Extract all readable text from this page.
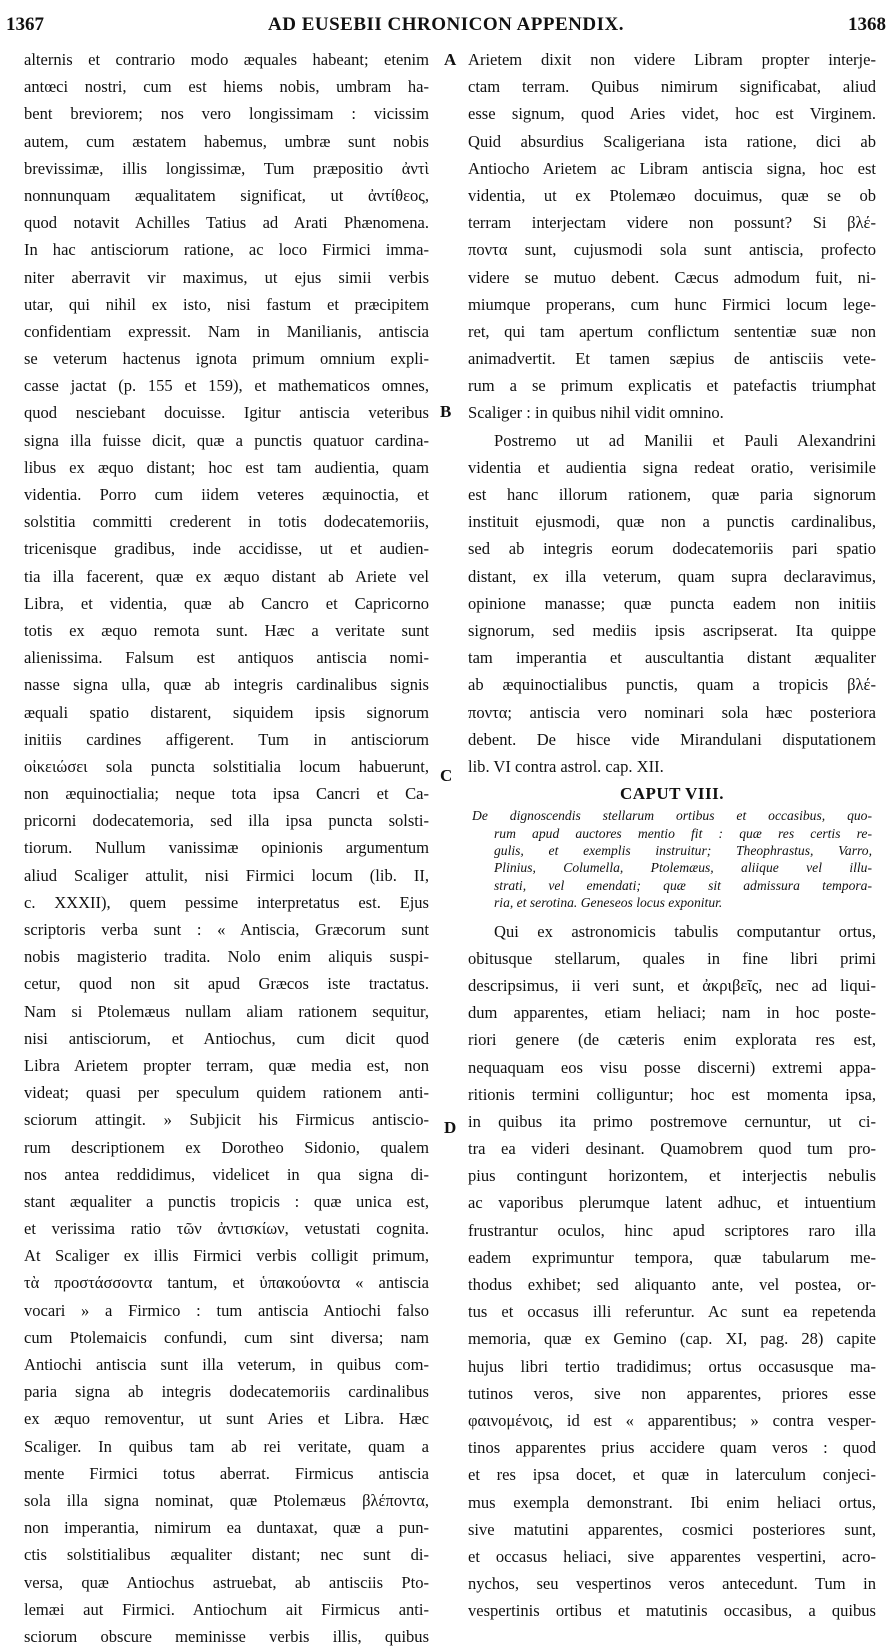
1367	AD EUSEBII CHRONICON APPENDIX.	1368
A
B
C
D
alternis et contrario modo æquales habeant; etenim
antœci nostri, cum est hiems nobis, umbram ha-
bent breviorem; nos vero longissimam : vicissim
autem, cum æstatem habemus, umbræ sunt nobis
brevissimæ, illis longissimæ, Tum præpositio ἀντὶ
nonnunquam æqualitatem significat, ut ἀντίθεος,
quod notavit Achilles Tatius ad Arati Phænomena.
In hac antisciorum ratione, ac loco Firmici imma-
niter aberravit vir maximus, ut ejus simii verbis
utar, qui nihil ex isto, nisi fastum et præcipitem
confidentiam expressit. Nam in Manilianis, antiscia
se veterum hactenus ignota primum omnium expli-
casse jactat (p. 155 et 159), et mathematicos omnes,
quod nesciebant docuisse. Igitur antiscia veteribus
signa illa fuisse dicit, quæ a punctis quatuor cardina-
libus ex æquo distant; hoc est tam audientia, quam
videntia. Porro cum iidem veteres æquinoctia, et
solstitia committi crederent in totis dodecatemoriis,
tricenisque gradibus, inde accidisse, ut et audien-
tia illa facerent, quæ ex æquo distant ab Ariete vel
Libra, et videntia, quæ ab Cancro et Capricorno
totis ex æquo remota sunt. Hæc a veritate sunt
alienissima. Falsum est antiquos antiscia nomi-
nasse signa ulla, quæ ab integris cardinalibus signis
æquali spatio distarent, siquidem ipsis signorum
initiis cardines affigerent. Tum in antisciorum
οἰκειώσει sola puncta solstitialia locum habuerunt,
non æquinoctialia; neque tota ipsa Cancri et Ca-
pricorni dodecatemoria, sed illa ipsa puncta solsti-
tiorum. Nullum vanissimæ opinionis argumentum
aliud Scaliger attulit, nisi Firmici locum (lib. II,
c. XXXII), quem pessime interpretatus est. Ejus
scriptoris verba sunt : « Antiscia, Græcorum sunt
nobis magisterio tradita. Nolo enim aliquis suspi-
cetur, quod non sit apud Græcos iste tractatus.
Nam si Ptolemæus nullam aliam rationem sequitur,
nisi antisciorum, et Antiochus, cum dicit quod
Libra Arietem propter terram, quæ media est, non
videat; quasi per speculum quidem rationem anti-
sciorum attingit. » Subjicit his Firmicus antiscio-
rum descriptionem ex Dorotheo Sidonio, qualem
nos antea reddidimus, videlicet in qua signa di-
stant æqualiter a punctis tropicis : quæ unica est,
et verissima ratio τῶν ἀντισκίων, vetustati cognita.
At Scaliger ex illis Firmici verbis colligit primum,
τὰ προστάσσοντα tantum, et ὑπακούοντα « antiscia
vocari » a Firmico : tum antiscia Antiochi falso
cum Ptolemaicis confundi, cum sint diversa; nam
Antiochi antiscia sunt illa veterum, in quibus com-
paria signa ab integris dodecatemoriis cardinalibus
ex æquo removentur, ut sunt Aries et Libra. Hæc
Scaliger. In quibus tam ab rei veritate, quam a
mente Firmici totus aberrat. Firmicus antiscia
sola illa signa nominat, quæ Ptolemæus βλέποντα,
non imperantia, nimirum ea duntaxat, quæ a pun-
ctis solstitialibus æqualiter distant; nec sunt di-
versa, quæ Antiochus astruebat, ab antisciis Pto-
lemæi aut Firmici. Antiochum ait Firmicus anti-
sciorum obscure meminisse verbis illis, quibus
Arietem dixit non videre Libram propter interje-
ctam terram. Quibus nimirum significabat, aliud
esse signum, quod Aries videt, hoc est Virginem.
Quid absurdius Scaligeriana ista ratione, dici ab
Antiocho Arietem ac Libram antiscia signa, hoc est
videntia, ut ex Ptolemæo docuimus, quæ se ob
terram interjectam videre non possunt? Si βλέ-
ποντα sunt, cujusmodi sola sunt antiscia, profecto
videre se mutuo debent. Cæcus admodum fuit, ni-
miumque properans, cum hunc Firmici locum lege-
ret, qui tam apertum conflictum sententiæ suæ non
animadvertit. Et tamen sæpius de antisciis vete-
rum a se primum explicatis et patefactis triumphat
Scaliger : in quibus nihil vidit omnino.
Postremo ut ad Manilii et Pauli Alexandrini
videntia et audientia signa redeat oratio, verisimile
est hanc illorum rationem, quæ paria signorum
instituit ejusmodi, quæ non a punctis cardinalibus,
sed ab integris eorum dodecatemoriis pari spatio
distant, ex illa veterum, quam supra declaravimus,
opinione manasse; quæ puncta eadem non initiis
signorum, sed mediis ipsis ascripserat. Ita quippe
tam imperantia et auscultantia distant æqualiter
ab æquinoctialibus punctis, quam a tropicis βλέ-
ποντα; antiscia vero nominari sola hæc posteriora
debent. De hisce vide Mirandulani disputationem
lib. VI contra astrol. cap. XII.
CAPUT VIII.
De dignoscendis stellarum ortibus et occasibus, quo-
rum apud auctores mentio fit : quæ res certis re-
gulis, et exemplis instruitur; Theophrastus, Varro,
Plinius, Columella, Ptolemæus, aliique vel illu-
strati, vel emendati; quæ sit admissura tempora-
ria, et serotina. Geneseos locus exponitur.
Qui ex astronomicis tabulis computantur ortus,
obitusque stellarum, quales in fine libri primi
descripsimus, ii veri sunt, et ἀκριβεῖς, nec ad liqui-
dum apparentes, etiam heliaci; nam in hoc poste-
riori genere (de cæteris enim explorata res est,
nequaquam eos visu posse discerni) extremi appa-
ritionis termini colliguntur; hoc est momenta ipsa,
in quibus ita primo postremove cernuntur, ut ci-
tra ea videri desinant. Quamobrem quod tum pro-
pius contingunt horizontem, et interjectis nebulis
ac vaporibus plerumque latent adhuc, et intuentium
frustrantur oculos, hinc apud scriptores raro illa
eadem exprimuntur tempora, quæ tabularum me-
thodus exhibet; sed aliquanto ante, vel postea, or-
tus et occasus illi referuntur. Ac sunt ea repetenda
memoria, quæ ex Gemino (cap. XI, pag. 28) capite
hujus libri tertio tradidimus; ortus occasusque ma-
tutinos veros, sive non apparentes, priores esse
φαινομένοις, id est « apparentibus; » contra vesper-
tinos apparentes prius accidere quam veros : quod
et res ipsa docet, et quæ in laterculum conjeci-
mus exempla demonstrant. Ibi enim heliaci ortus,
sive matutini apparentes, cosmici posteriores sunt,
et occasus heliaci, sive apparentes vespertini, acro-
nychos, seu vespertinos veros antecedunt. Tum in
vespertinis ortibus et matutinis occasibus, a quibus
